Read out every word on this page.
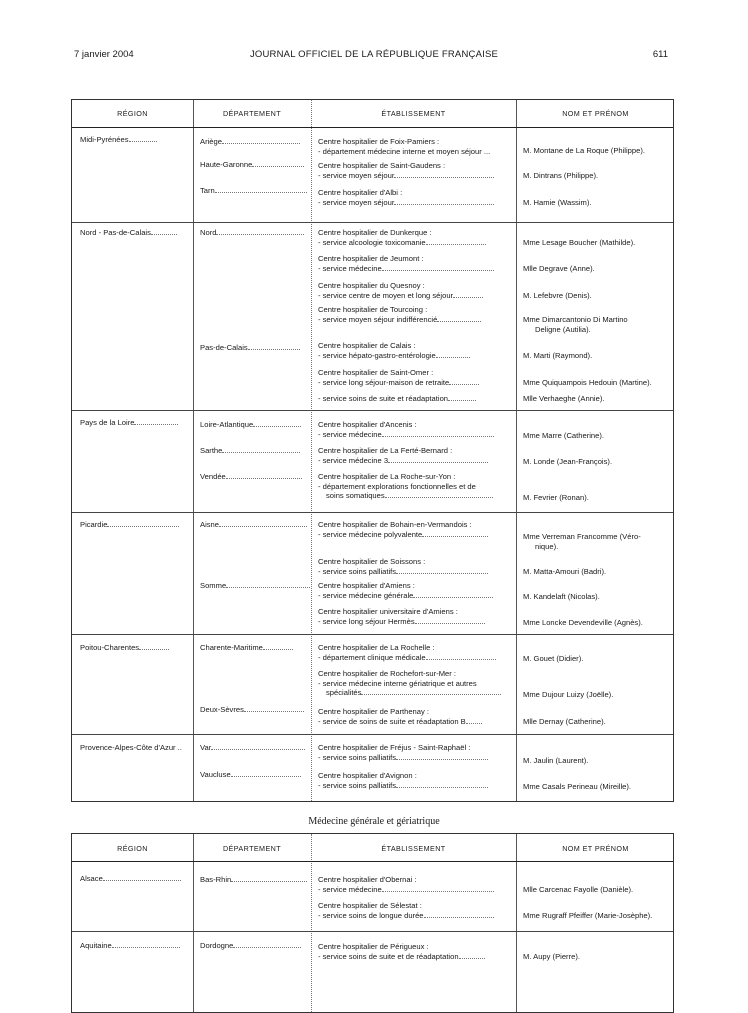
7 janvier 2004	JOURNAL OFFICIEL DE LA RÉPUBLIQUE FRANÇAISE	611
RÉGION	DÉPARTEMENT	ÉTABLISSEMENT	NOM ET PRÉNOM
Midi-Pyrénées	Ariège	Centre hospitalier de Foix-Pamiers :
- département médecine interne et moyen séjour ...	M. Montane de La Roque (Philippe).
Haute-Garonne	Centre hospitalier de Saint-Gaudens :
- service moyen séjour	M. Dintrans (Philippe).
Tarn	Centre hospitalier d'Albi :
- service moyen séjour	M. Hamie (Wassim).
Nord - Pas-de-Calais	Nord	Centre hospitalier de Dunkerque :
- service alcoologie toxicomanie	Mme Lesage Boucher (Mathilde).
Centre hospitalier de Jeumont :
- service médecine	Mlle Degrave (Anne).
Centre hospitalier du Quesnoy :
- service centre de moyen et long séjour	M. Lefebvre (Denis).
Centre hospitalier de Tourcoing :
- service moyen séjour indifférencié	Mme Dimarcantonio Di Martino
Deligne (Autilia).
Pas-de-Calais	Centre hospitalier de Calais :
- service hépato-gastro-entérologie	M. Marti (Raymond).
Centre hospitalier de Saint-Omer :
- service long séjour-maison de retraite	Mme Quiquampois Hedouin (Martine).
- service soins de suite et réadaptation	Mlle Verhaeghe (Annie).
Pays de la Loire	Loire-Atlantique	Centre hospitalier d'Ancenis :
- service médecine	Mme Marre (Catherine).
Sarthe	Centre hospitalier de La Ferté-Bernard :
- service médecine 3	M. Londe (Jean-François).
Vendée	Centre hospitalier de La Roche-sur-Yon :
- département explorations fonctionnelles et de
soins somatiques	M. Fevrier (Ronan).
Picardie	Aisne	Centre hospitalier de Bohain-en-Vermandois :
- service médecine polyvalente	Mme Verreman Francomme (Véro-
nique).
Centre hospitalier de Soissons :
- service soins palliatifs	M. Matta-Amouri (Badri).
Somme	Centre hospitalier d'Amiens :
- service médecine générale	M. Kandelaft (Nicolas).
Centre hospitalier universitaire d'Amiens :
- service long séjour Hermès	Mme Loncke Devendeville (Agnès).
Poitou-Charentes	Charente-Maritime	Centre hospitalier de La Rochelle :
- département clinique médicale	M. Gouet (Didier).
Centre hospitalier de Rochefort-sur-Mer :
- service médecine interne gériatrique et autres
spécialités	Mme Dujour Luizy (Joëlle).
Deux-Sèvres	Centre hospitalier de Parthenay :
- service de soins de suite et réadaptation B	Mlle Dernay (Catherine).
Provence-Alpes-Côte d'Azur .. Var	Centre hospitalier de Fréjus - Saint-Raphaël :
- service soins palliatifs	M. Jaulin (Laurent).
Vaucluse	Centre hospitalier d'Avignon :
- service soins palliatifs	Mme Casals Perineau (Mireille).
Médecine générale et gériatrique
RÉGION	DÉPARTEMENT	ÉTABLISSEMENT	NOM ET PRÉNOM
Alsace	Bas-Rhin	Centre hospitalier d'Obernai :
- service médecine	Mlle Carcenac Fayolle (Danièle).
Centre hospitalier de Sélestat :
- service soins de longue durée	Mme Rugraff Pfeiffer (Marie-Josèphe).
Aquitaine	Dordogne	Centre hospitalier de Périgueux :
- service soins de suite et de réadaptation	M. Aupy (Pierre).
